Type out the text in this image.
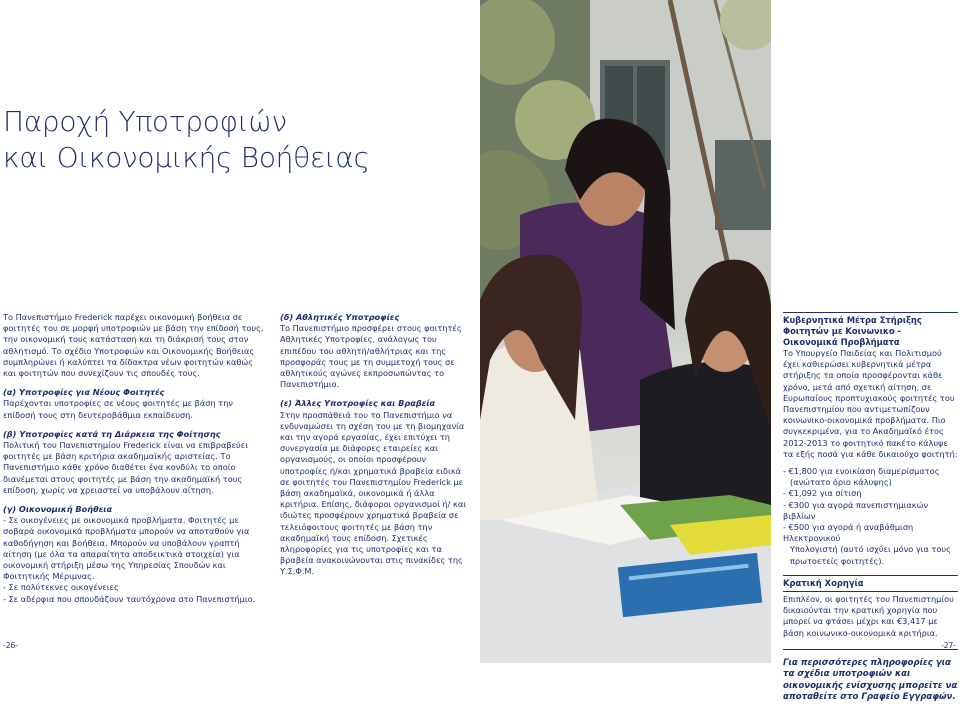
Παροχή Υποτροφιών
και Οικονομικής Βοήθειας

Το Πανεπιστήμιο Frederick παρέχει οικονομική βοήθεια σε φοιτητές του σε μορφή υποτροφιών με βάση την επίδοσή τους, την οικονομική τους κατάσταση και τη διάκρισή τους στον αθλητισμό. Το σχέδιο Υποτροφιών και Οικονομικής Βοήθειας συμπληρώνει ή καλύπτει τα δίδακτρα νέων φοιτητών καθώς και φοιτητών που συνεχίζουν τις σπουδές τους.

(α) Υποτροφίες για Νέους Φοιτητές

Παρέχονται υποτροφίες σε νέους φοιτητές με βάση την επίδοσή τους στη δευτεροβάθμια εκπαίδευση.

(β) Υποτροφίες κατά τη Διάρκεια της Φοίτησης

Πολιτική του Πανεπιστημίου Frederick είναι να επιβραβεύει φοιτητές με βάση κριτήρια ακαδημαϊκής αριστείας. Το Πανεπιστήμιο κάθε χρόνο διαθέτει ένα κονδύλι το οποίο διανέμεται στους φοιτητές με βάση την ακαδημαϊκή τους επίδοση, χωρίς να χρειαστεί να υποβάλουν αίτηση.

(γ) Οικονομική Βοήθεια
- Σε οικογένειες με οικονομικά προβλήματα. Φοιτητές με σοβαρά οικονομικά προβλήματα μπορούν να αποταθούν για καθοδήγηση και βοήθεια. Μπορούν να υποβάλουν γραπτή αίτηση (με όλα τα απαραίτητα αποδεικτικά στοιχεία) για οικονομική στήριξη μέσω της Υπηρεσίας Σπουδών και Φοιτητικής Μέριμνας.
- Σε πολύτεκνες οικογένειες
- Σε αδέρφια που σπουδάζουν ταυτόχρονα στο Πανεπιστήμιο.
(δ) Αθλητικές Υποτροφίες

Το Πανεπιστήμιο προσφέρει στους φοιτητές Αθλητικές Υποτροφίες, ανάλογως του επιπέδου του αθλητή/αθλήτριας και της προσφοράς τους με τη συμμετοχή τους σε αθλητικούς αγώνες εκπροσωπώντας το Πανεπιστήμιο.

(ε) Άλλες Υποτροφίες και Βραβεία

Στην προσπάθειά του το Πανεπιστήμιο να ενδυναμώσει τη σχέση του με τη βιομηχανία και την αγορά εργασίας, έχει επιτύχει τη συνεργασία με διάφορες εταιρείες και οργανισμούς, οι οποίοι προσφέρουν υποτροφίες ή/και χρηματικά βραβεία ειδικά σε φοιτητές του Πανεπιστημίου Frederick με βάση ακαδημαϊκά, οικονομικά ή άλλα κριτήρια. Επίσης, διάφοροι οργανισμοί ή/ και ιδιώτες προσφέρουν χρηματικά βραβεία σε τελειόφοιτους φοιτητές με βάση την ακαδημαϊκή τους επίδοση. Σχετικές πληροφορίες για τις υποτροφίες και τα βραβεία ανακοινώνονται στις πινακίδες της Υ.Σ.Φ.Μ.

-26-
Κυβερνητικά Μέτρα Στήριξης Φοιτητών με Κοινωνικο - Οικονομικά Προβλήματα

Το Υπουργείο Παιδείας και Πολιτισμού έχει καθιερώσει κυβερνητικά μέτρα στήριξης τα οποία προσφέρονται κάθε χρόνο, μετά από σχετική αίτηση, σε Ευρωπαίους προπτυχιακούς φοιτητές του Πανεπιστημίου που αντιμετωπίζουν κοινωνικο-οικονομικά προβλήματα. Πιο συγκεκριμένα, για το Ακαδημαϊκό έτος 2012-2013 το φοιτητικό πακέτο κάλυψε τα εξής ποσά για κάθε δικαιούχο φοιτητή:

- €1,800 για ενοικίαση διαμερίσματος
(ανώτατο όριο κάλυψης)
- €1,092 για σίτιση
- €300 για αγορά πανεπιστημιακών βιβλίων
- €500 για αγορά ή αναβάθμιση Ηλεκτρονικού
Υπολογιστή (αυτό ισχύει μόνο για τους
πρωτοετείς φοιτητές).
Κρατική Χορηγία

Επιπλέον, οι φοιτητές του Πανεπιστημίου δικαιούνται την κρατική χορηγία που μπορεί να φτάσει μέχρι και €3,417 με βάση κοινωνικο-οικονομικά κριτήρια.

Για περισσότερες πληροφορίες για τα σχέδια υποτροφιών και οικονομικής ενίσχυσης μπορείτε να αποταθείτε στο Γραφείο Εγγραφών.
-27-
